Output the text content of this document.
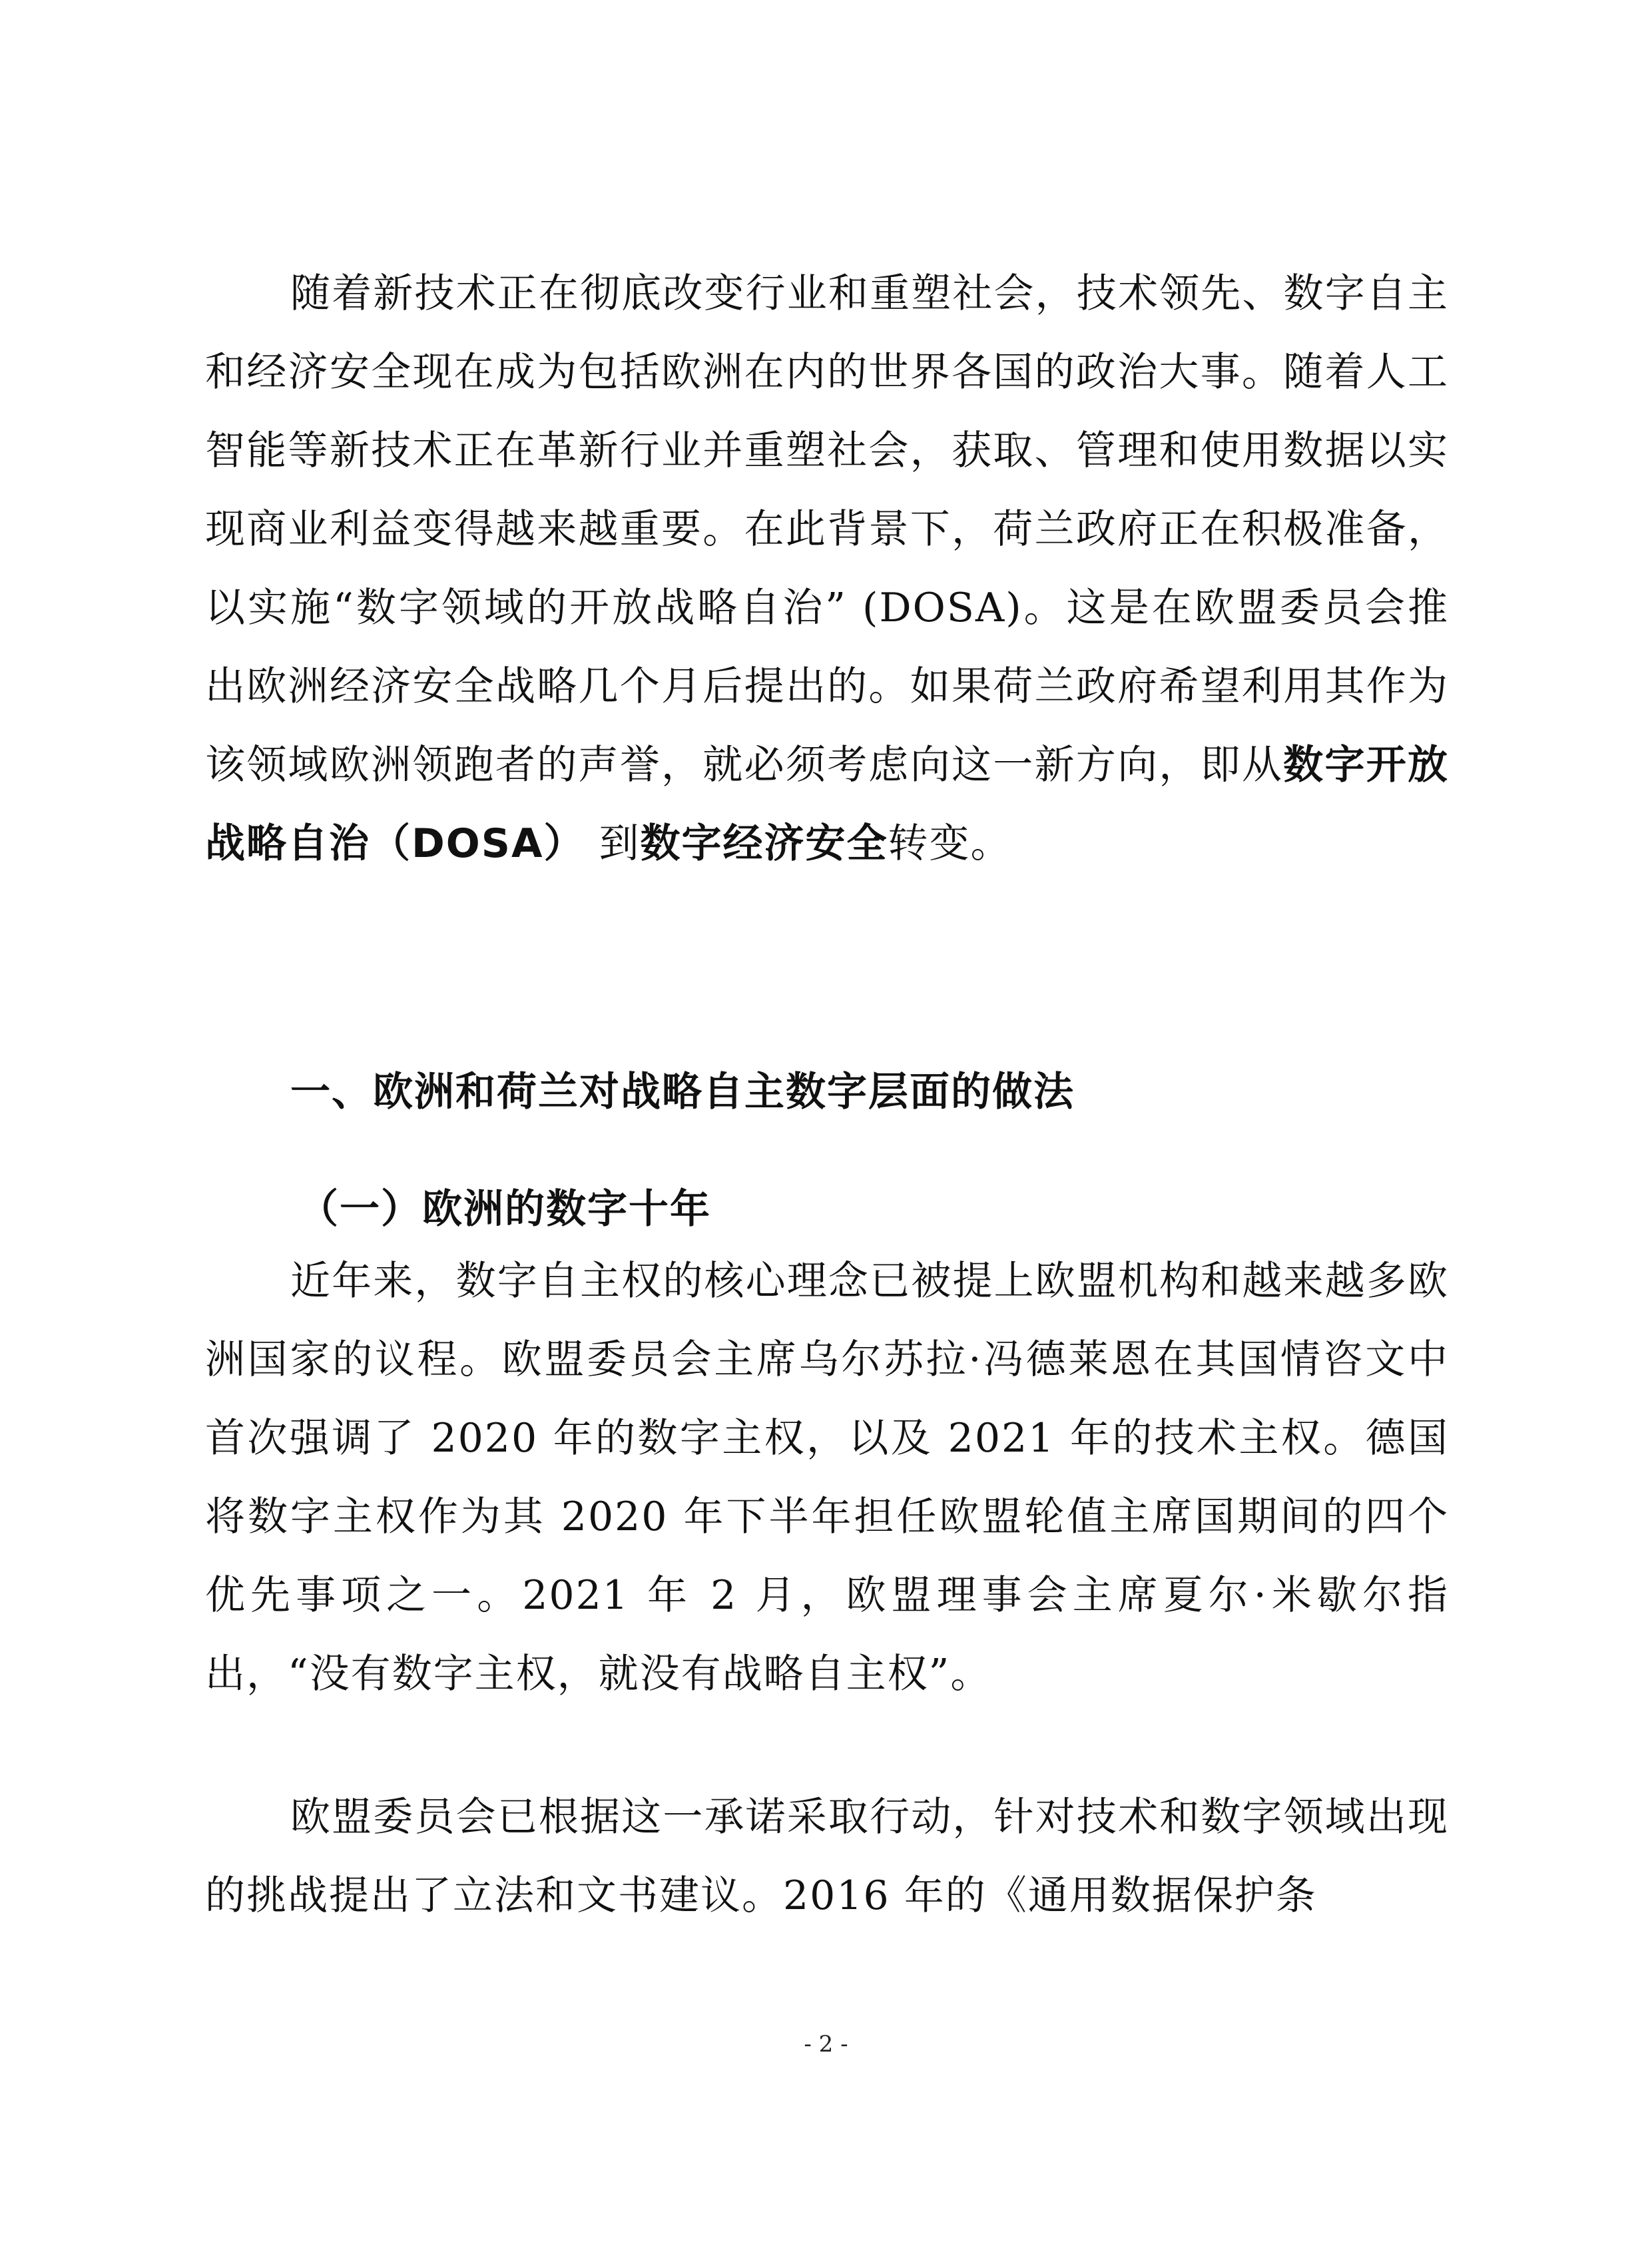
随着新技术正在彻底改变行业和重塑社会，技术领先、数字自主和经济安全现在成为包括欧洲在内的世界各国的政治大事。随着人工智能等新技术正在革新行业并重塑社会，获取、管理和使用数据以实现商业利益变得越来越重要。在此背景下，荷兰政府正在积极准备，以实施“数字领域的开放战略自治” (DOSA)。这是在欧盟委员会推出欧洲经济安全战略几个月后提出的。如果荷兰政府希望利用其作为该领域欧洲领跑者的声誉，就必须考虑向这一新方向，即从数字开放战略自治（DOSA） 到数字经济安全转变。

一、欧洲和荷兰对战略自主数字层面的做法
（一）欧洲的数字十年

近年来，数字自主权的核心理念已被提上欧盟机构和越来越多欧洲国家的议程。欧盟委员会主席乌尔苏拉·冯德莱恩在其国情咨文中首次强调了 2020 年的数字主权，以及 2021 年的技术主权。德国将数字主权作为其 2020 年下半年担任欧盟轮值主席国期间的四个优先事项之一。2021 年 2 月，欧盟理事会主席夏尔·米歇尔指出，“没有数字主权，就没有战略自主权”。

欧盟委员会已根据这一承诺采取行动，针对技术和数字领域出现的挑战提出了立法和文书建议。2016 年的《通用数据保护条

- 2 -
